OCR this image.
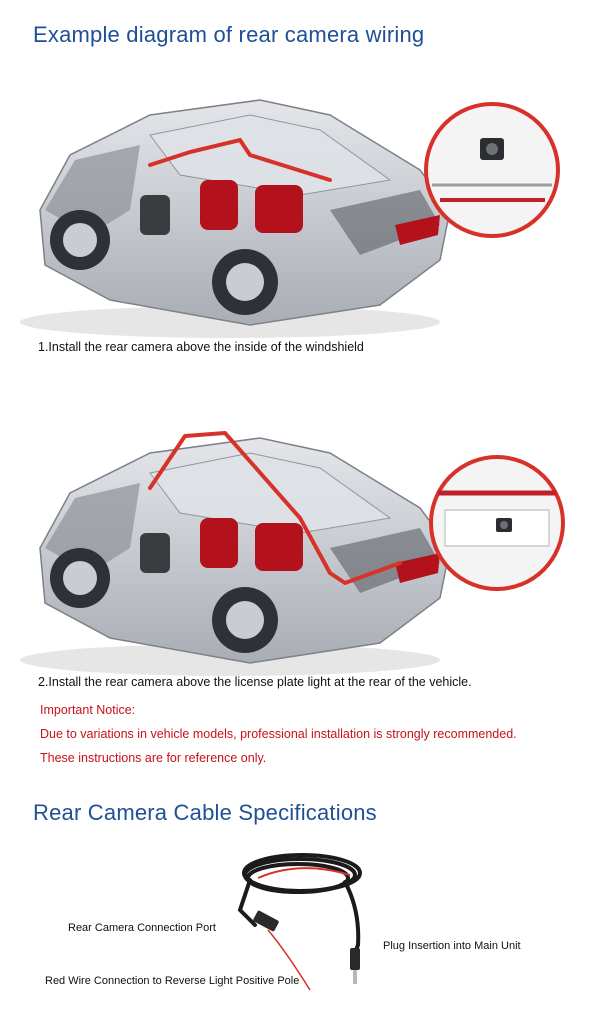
Example diagram of rear camera wiring
1.Install the rear camera above the inside of the windshield
2.Install the rear camera above the license plate light at the rear of the vehicle.
Important Notice:
Due to variations in vehicle models, professional installation is strongly recommended.
These instructions are for reference only.
Rear Camera Cable Specifications
Rear Camera Connection Port
Plug Insertion into Main Unit
Red Wire Connection to Reverse Light Positive Pole
